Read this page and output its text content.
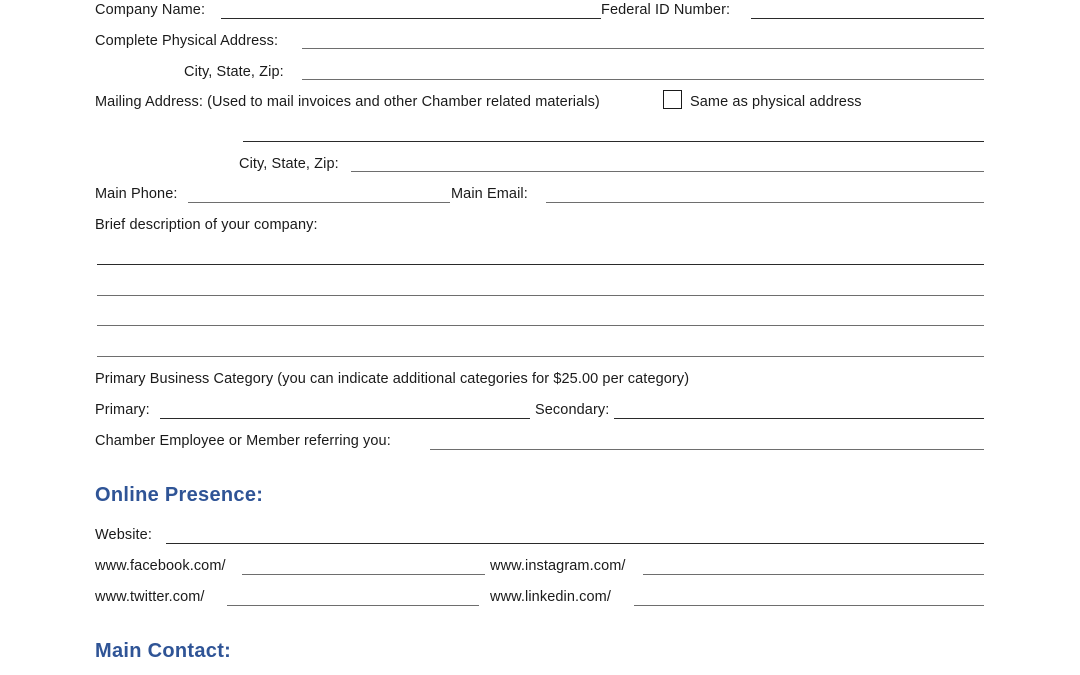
Company Name:	Federal ID Number:
Complete Physical Address:
City, State, Zip:
Mailing Address: (Used to mail invoices and other Chamber related materials)	Same as physical address
City, State, Zip:
Main Phone:	Main Email:
Brief description of your company:
Primary Business Category (you can indicate additional categories for $25.00 per category)
Primary:	Secondary:
Chamber Employee or Member referring you:
Online Presence:
Website:
www.facebook.com/	www.instagram.com/
www.twitter.com/	www.linkedin.com/
Main Contact:
